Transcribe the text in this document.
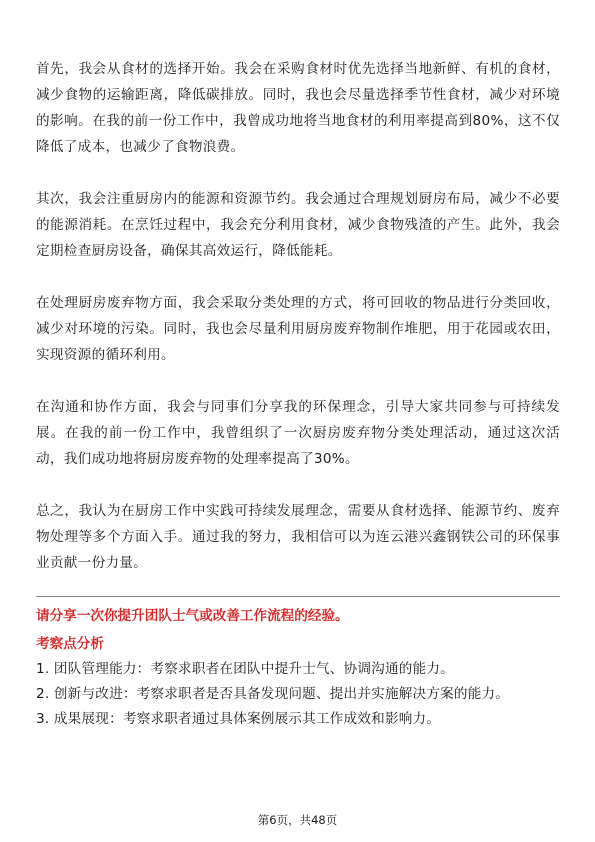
首先，我会从食材的选择开始。我会在采购食材时优先选择当地新鲜、有机的食材，减少食物的运输距离，降低碳排放。同时，我也会尽量选择季节性食材，减少对环境的影响。在我的前一份工作中，我曾成功地将当地食材的利用率提高到80%，这不仅降低了成本，也减少了食物浪费。

其次，我会注重厨房内的能源和资源节约。我会通过合理规划厨房布局，减少不必要的能源消耗。在烹饪过程中，我会充分利用食材，减少食物残渣的产生。此外，我会定期检查厨房设备，确保其高效运行，降低能耗。

在处理厨房废弃物方面，我会采取分类处理的方式，将可回收的物品进行分类回收，减少对环境的污染。同时，我也会尽量利用厨房废弃物制作堆肥，用于花园或农田，实现资源的循环利用。

在沟通和协作方面，我会与同事们分享我的环保理念，引导大家共同参与可持续发展。在我的前一份工作中，我曾组织了一次厨房废弃物分类处理活动，通过这次活动，我们成功地将厨房废弃物的处理率提高了30%。

总之，我认为在厨房工作中实践可持续发展理念，需要从食材选择、能源节约、废弃物处理等多个方面入手。通过我的努力，我相信可以为连云港兴鑫钢铁公司的环保事业贡献一份力量。

请分享一次你提升团队士气或改善工作流程的经验。
考察点分析
1. 团队管理能力：考察求职者在团队中提升士气、协调沟通的能力。
2. 创新与改进：考察求职者是否具备发现问题、提出并实施解决方案的能力。
3. 成果展现：考察求职者通过具体案例展示其工作成效和影响力。
第6页，共48页
